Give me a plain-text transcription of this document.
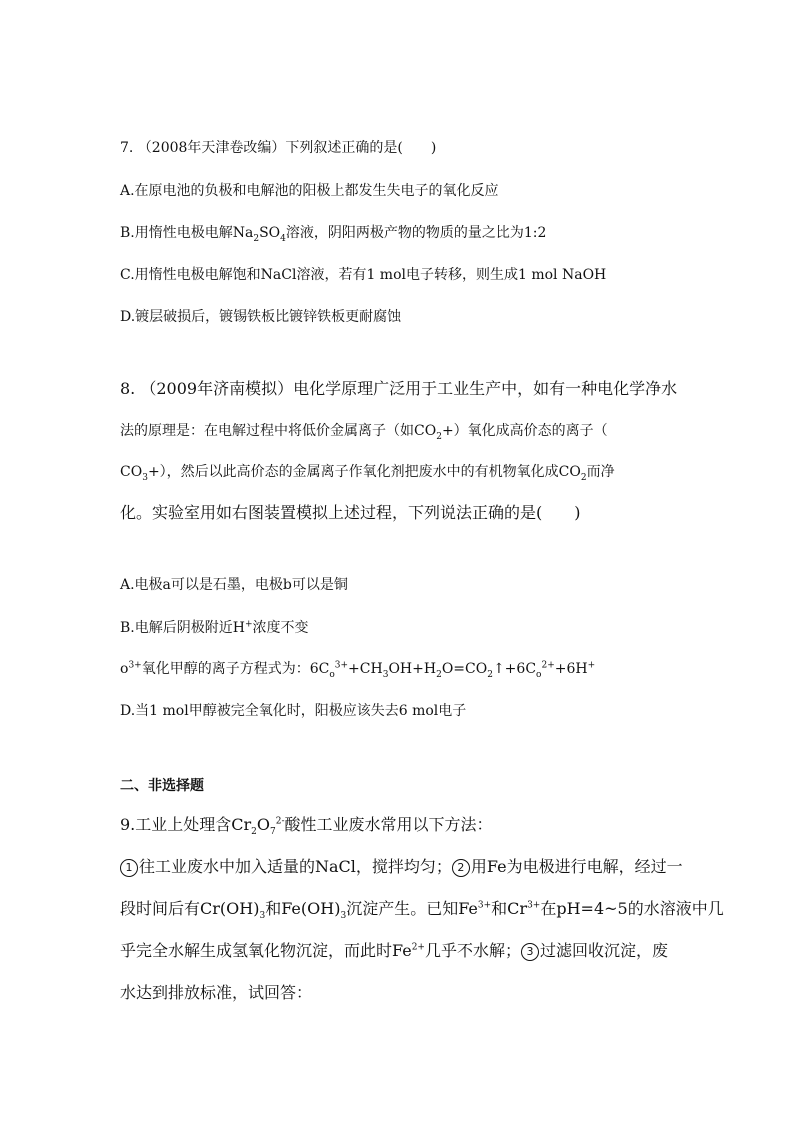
7. （2008年天津卷改编）下列叙述正确的是(　　)
A.在原电池的负极和电解池的阳极上都发生失电子的氧化反应
B.用惰性电极电解$Na_2SO_4$溶液，阴阳两极产物的物质的量之比为1:2
C.用惰性电极电解饱和NaCl溶液，若有1 mol电子转移，则生成1 mol NaOH
D.镀层破损后，镀锡铁板比镀锌铁板更耐腐蚀
8. （2009年济南模拟）电化学原理广泛用于工业生产中，如有一种电化学净水
法的原理是：在电解过程中将低价金属离子（如$CO_2+$）氧化成高价态的离子（
$CO_3+$），然后以此高价态的金属离子作氧化剂把废水中的有机物氧化成$CO_2$而净
化。实验室用如右图装置模拟上述过程，下列说法正确的是(　　)
A.电极a可以是石墨，电极b可以是铜
B.电解后阴极附近H+浓度不变
$o^{3+}$氧化甲醇的离子方程式为：$6C_o^{3+}+CH_3OH+H_2O=CO_2↑+6C_o^{2+}+6H^+$
D.当1 mol甲醇被完全氧化时，阳极应该失去6 mol电子
二、非选择题
9.工业上处理含$Cr_2O_7^{2-}$酸性工业废水常用以下方法：
1 往工业废水中加入适量的NaCl，搅拌均匀； 2 用Fe为电极进行电解，经过一
段时间后有$Cr(OH)_3$和$Fe(OH)_3$沉淀产生。已知$Fe^{3+}$和$Cr^{3+}$在pH=4~5的水溶液中几
乎完全水解生成氢氧化物沉淀，而此时$Fe^{2+}$几乎不水解； 3 过滤回收沉淀，废
水达到排放标准，试回答：
